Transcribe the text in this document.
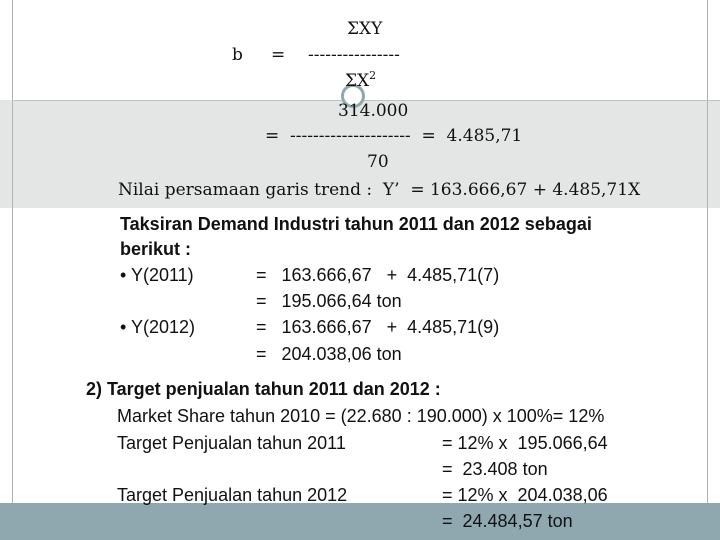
ΣXY
b = ----------------
$\Sigma X^2$
314.000
=  ---------------------  =  4.485,71
70
Nilai persamaan garis trend :  Y’  = 163.666,67 + 4.485,71X
Taksiran Demand Industri tahun 2011 dan 2012 sebagai
berikut :
• Y(2011)	=   163.666,67   +  4.485,71(7)
=   195.066,64 ton
• Y(2012)	=   163.666,67   +  4.485,71(9)
=   204.038,06 ton
2) Target penjualan tahun 2011 dan 2012 :
Market Share tahun 2010 = (22.680 : 190.000) x 100%= 12%
Target Penjualan tahun 2011	= 12% x  195.066,64
=  23.408 ton
Target Penjualan tahun 2012	= 12% x  204.038,06
=  24.484,57 ton
